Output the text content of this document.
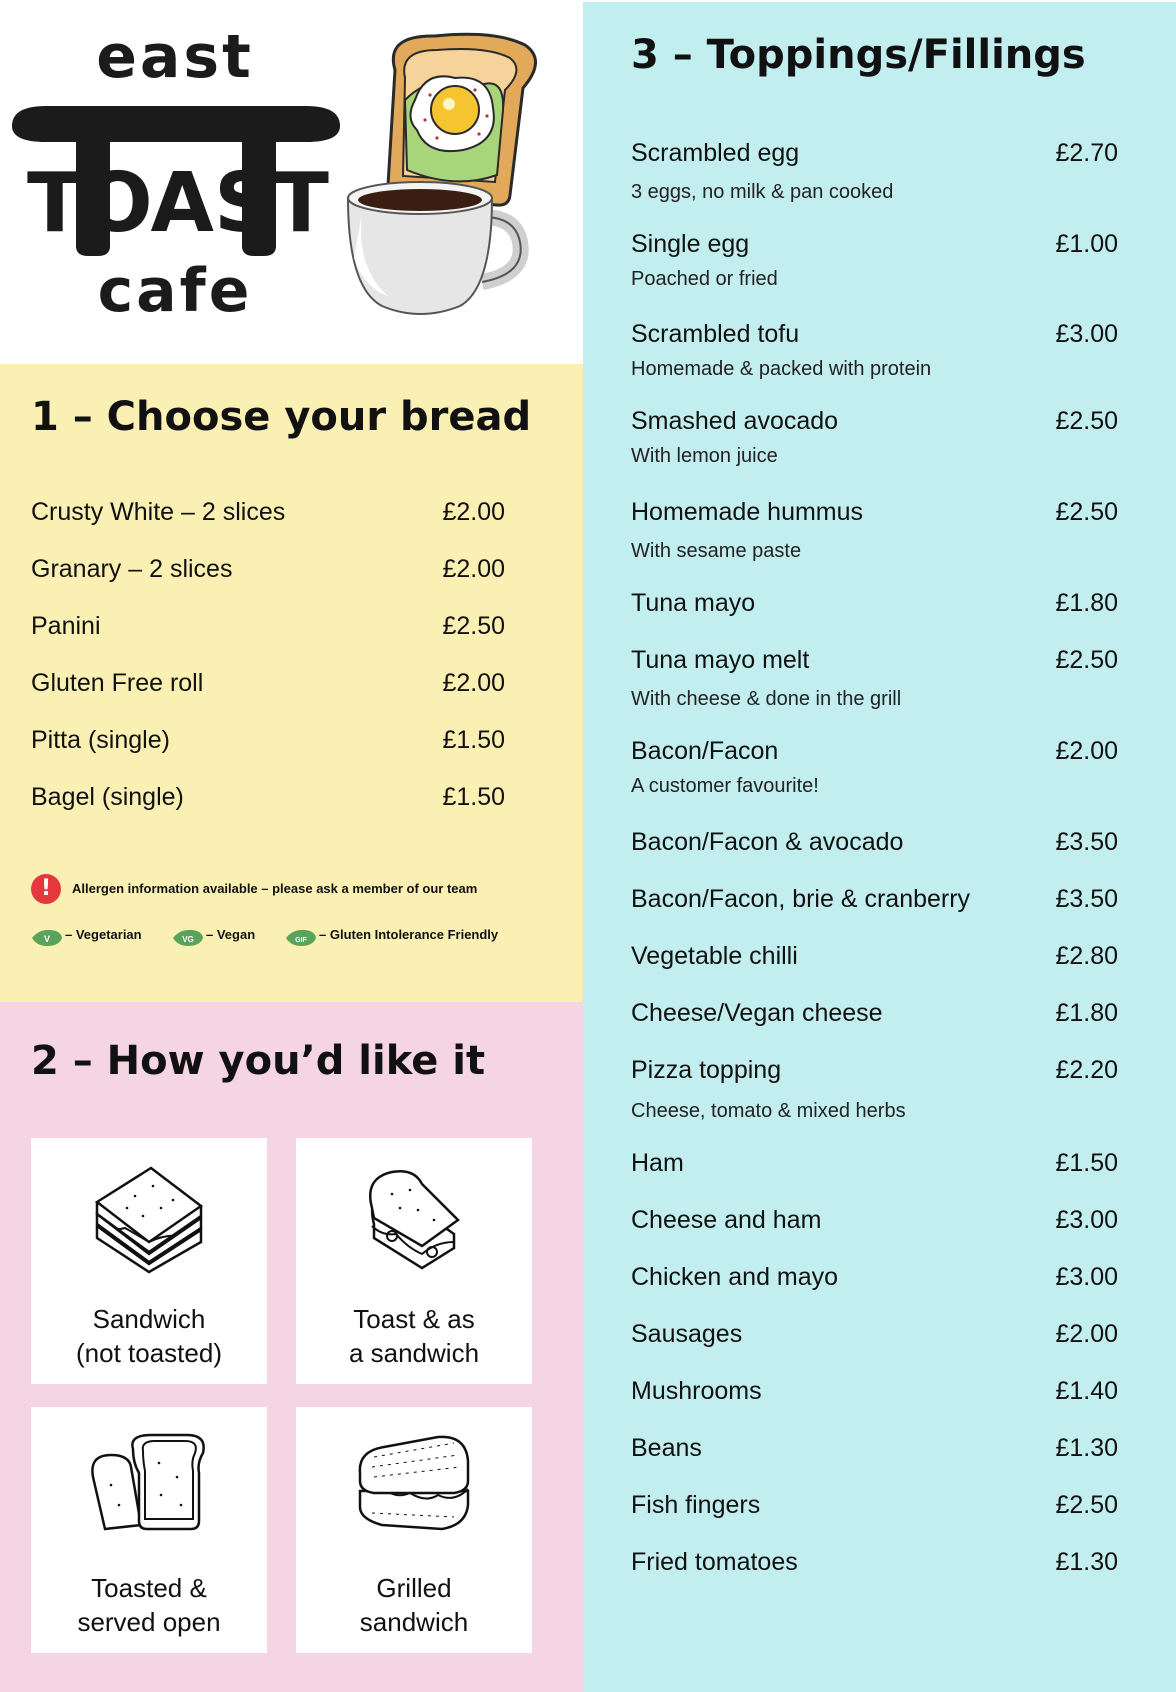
east
TOAST
cafe
1 – Choose your bread
Crusty White – 2 slices	£2.00
Granary – 2 slices	£2.00
Panini	£2.50
Gluten Free roll	£2.00
Pitta (single)	£1.50
Bagel (single)	£1.50
!	Allergen information available – please ask a member of our team
V – Vegetarian	VG – Vegan	GIF – Gluten Intolerance Friendly
2 – How you’d like it
Sandwich
(not toasted)
Toast & as
a sandwich
Toasted &
served open
Grilled
sandwich
3 – Toppings/Fillings
Scrambled egg	£2.70
3 eggs, no milk & pan cooked
Single egg	£1.00
Poached or fried
Scrambled tofu	£3.00
Homemade & packed with protein
Smashed avocado	£2.50
With lemon juice
Homemade hummus	£2.50
With sesame paste
Tuna mayo	£1.80
Tuna mayo melt	£2.50
With cheese & done in the grill
Bacon/Facon	£2.00
A customer favourite!
Bacon/Facon & avocado	£3.50
Bacon/Facon, brie & cranberry	£3.50
Vegetable chilli	£2.80
Cheese/Vegan cheese	£1.80
Pizza topping	£2.20
Cheese, tomato & mixed herbs
Ham	£1.50
Cheese and ham	£3.00
Chicken and mayo	£3.00
Sausages	£2.00
Mushrooms	£1.40
Beans	£1.30
Fish fingers	£2.50
Fried tomatoes	£1.30
